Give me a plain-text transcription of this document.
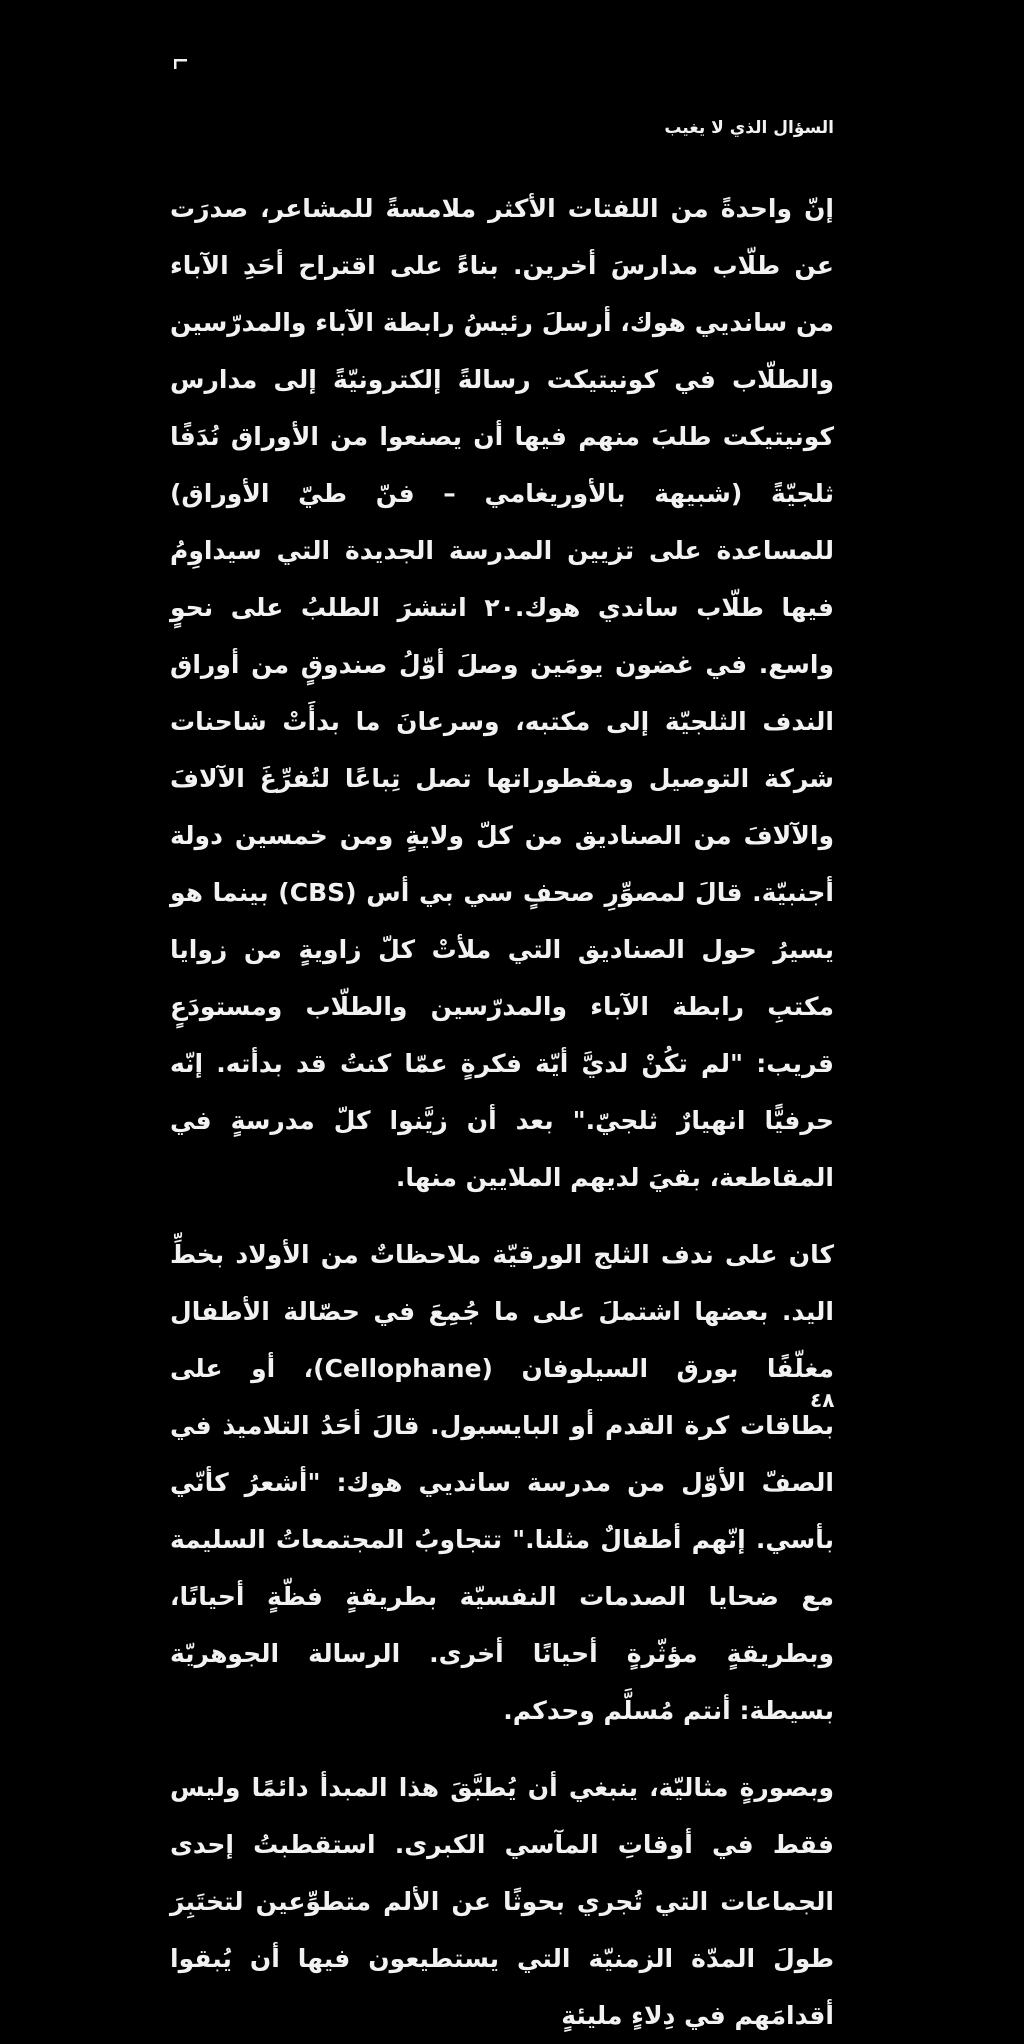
السؤال الذي لا يغيب

إنّ واحدةً من اللفتات الأكثر ملامسةً للمشاعر، صدرَت عن طلّاب مدارسَ أخرين. بناءً على اقتراح أحَدِ الآباء من سانديي هوك، أرسلَ رئيسُ رابطة الآباء والمدرّسين والطلّاب في كونيتيكت رسالةً إلكترونيّةً إلى مدارس كونيتيكت طلبَ منهم فيها أن يصنعوا من الأوراق نُدَفًا ثلجيّةً (شبيهة بالأوريغامي – فنّ طيّ الأوراق) للمساعدة على تزيين المدرسة الجديدة التي سيداوِمُ فيها طلّاب ساندي هوك.٢٠ انتشرَ الطلبُ على نحوٍ واسع. في غضون يومَين وصلَ أوّلُ صندوقٍ من أوراق الندف الثلجيّة إلى مكتبه، وسرعانَ ما بدأَتْ شاحنات شركة التوصيل ومقطوراتها تصل تِباعًا لتُفرِّغَ الآلافَ والآلافَ من الصناديق من كلّ ولايةٍ ومن خمسين دولة أجنبيّة. قالَ لمصوِّرِ صحفٍ سي بي أس (CBS) بينما هو يسيرُ حول الصناديق التي ملأتْ كلّ زاويةٍ من زوايا مكتبِ رابطة الآباء والمدرّسين والطلّاب ومستودَعٍ قريب: "لم تكُنْ لديَّ أيّة فكرةٍ عمّا كنتُ قد بدأته. إنّه حرفيًّا انهيارٌ ثلجيّ." بعد أن زيَّنوا كلّ مدرسةٍ في المقاطعة، بقيَ لديهم الملايين منها.

كان على ندف الثلج الورقيّة ملاحظاتٌ من الأولاد بخطِّ اليد. بعضها اشتملَ على ما جُمِعَ في حصّالة الأطفال مغلّفًا بورق السيلوفان (Cellophane)، أو على بطاقات كرة القدم أو البايسبول. قالَ أحَدُ التلاميذ في الصفّ الأوّل من مدرسة سانديي هوك: "أشعرُ كأنّي بأسي. إنّهم أطفالٌ مثلنا." تتجاوبُ المجتمعاتُ السليمة مع ضحايا الصدمات النفسيّة بطريقةٍ فظّةٍ أحيانًا، وبطريقةٍ مؤثّرةٍ أحيانًا أخرى. الرسالة الجوهريّة بسيطة: أنتم مُسلَّم وحدكم.

وبصورةٍ مثاليّة، ينبغي أن يُطبَّقَ هذا المبدأ دائمًا وليس فقط في أوقاتِ المآسي الكبرى. استقطبتُ إحدى الجماعات التي تُجري بحوثًا عن الألم متطوِّعين لتختَبِرَ طولَ المدّة الزمنيّة التي يستطيعون فيها أن يُبقوا أقدامَهم في دِلاءٍ مليئةٍ

٤٨
